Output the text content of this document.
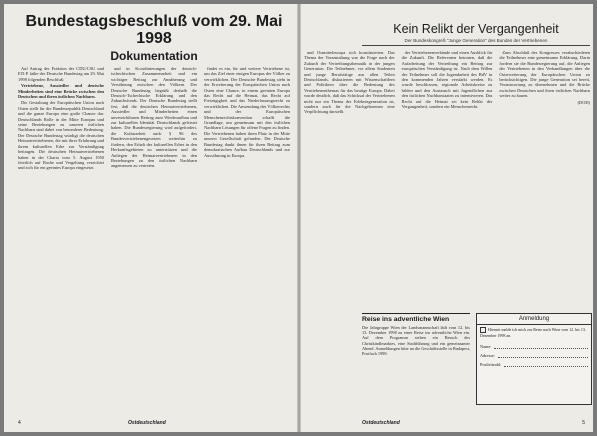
Bundestagsbeschluß vom 29. Mai 1998
Dokumentation

Auf Antrag der Fraktion der CDU/CSU und F.D.P. faßte der Deutsche Bundestag am 29. Mai 1998 folgenden Beschluß:

Vertriebene, Aussiedler und deutsche Minderheiten sind eine Brücke zwischen den Deutschen und ihren östlichen Nachbarn.

Die Gestaltung der Europäischen Union nach Osten stellt für die Bundesrepublik Deutschland und die ganze Europa eine große Chance dar. Deutschlands Rolle in der Mitte Europas und seine Beziehungen zu unseren östlichen Nachbarn sind dabei von besonderer Bedeutung. Der Deutsche Bundestag würdigt die deutschen Heimatvertriebenen, die mit ihrer Erfahrung und ihrem kulturellen Erbe zur Verständigung beitragen. Die deutschen Heimatvertriebenen haben in der Charta vom 5. August 1950 feierlich auf Rache und Vergeltung verzichtet und sich für ein geeintes Europa eingesetzt.

und in Koordinierungen der deutsch-tschechischen Zusammenarbeit und ein wichtiger Beitrag zur Annäherung und Versöhnung zwischen den Völkern. Der Deutsche Bundestag begrüßt deshalb die Deutsch-Tschechische Erklärung und den Zukunftsfonds. Der Deutsche Bundestag stellt fest, daß die deutschen Heimatvertriebenen, Aussiedler und Minderheiten einen unverzichtbaren Beitrag zum Wiederaufbau und zur kulturellen Identität Deutschlands geleistet haben. Die Bundesregierung wird aufgefordert, die Kulturarbeit nach § 96 des Bundesvertriebenengesetzes weiterhin zu fördern, den Erhalt des kulturellen Erbes in den Herkunftsgebieten zu unterstützen und die Anliegen der Heimatvertriebenen in den Beziehungen zu den östlichen Nachbarn angemessen zu vertreten.

findet es ein, für und weitere Vertriebene ist, um das Ziel einer einigen Europas der Völker zu verwirklichen. Der Deutsche Bundestag sieht in der Erweiterung der Europäischen Union nach Osten eine Chance, in einem geeinten Europa das Recht auf die Heimat, das Recht auf Freizügigkeit und das Niederlassungsrecht zu verwirklichen. Die Anwendung des Völkerrechts und der Europäischen Menschenrechtskonvention schafft die Grundlage, um gemeinsam mit den östlichen Nachbarn Lösungen für offene Fragen zu finden. Die Vertriebenen haben ihren Platz in der Mitte unserer Gesellschaft gefunden. Der Deutsche Bundestag dankt ihnen für ihren Beitrag zum demokratischen Aufbau Deutschlands und zur Aussöhnung in Europa.

4	Ostdeutschland
Kein Relikt der Vergangenheit
Der Bundeskongreß "Junge Generation" des Bundes der Vertriebenen

und Ostmitteleuropa sich konstituierten. Das Thema der Veranstaltung war die Frage nach der Zukunft der Vertreibungsthematik in der jungen Generation. Die Teilnehmer, vor allem Studenten und junge Berufstätige aus allen Teilen Deutschlands, diskutierten mit Wissenschaftlern und Politikern über die Bedeutung des Vertriebenenthemas für das heutige Europa. Dabei wurde deutlich, daß das Schicksal der Vertriebenen nicht nur ein Thema der Erlebnisgeneration ist, sondern auch für die Nachgeborenen eine Verpflichtung darstellt.

der Vertriebenenverbände und einen Ausblick für die Zukunft. Die Referenten betonten, daß die Aufarbeitung der Vertreibung ein Beitrag zur europäischen Verständigung ist. Nach dem Willen der Teilnehmer soll die Jugendarbeit des BdV in den kommenden Jahren verstärkt werden. Es wurde beschlossen, regionale Arbeitskreise zu bilden und den Austausch mit Jugendlichen aus den östlichen Nachbarstaaten zu intensivieren. Das Recht auf die Heimat sei kein Relikt der Vergangenheit, sondern ein Menschenrecht.

Zum Abschluß des Kongresses verabschiedeten die Teilnehmer eine gemeinsame Erklärung. Darin fordern sie die Bundesregierung auf, die Anliegen der Vertriebenen in den Verhandlungen über die Osterweiterung der Europäischen Union zu berücksichtigen. Die junge Generation sei bereit, Verantwortung zu übernehmen und die Brücke zwischen Deutschen und ihren östlichen Nachbarn weiter zu bauen.

(DOD)
Reise ins adventliche Wien
Die Jahrgruppe Wien der Landsmannschaft lädt vom 12. bis 13. Dezember 1998 zu einer Reise ins adventliche Wien ein. Auf dem Programm stehen ein Besuch des Christkindlmarktes, eine Stadtführung und ein gemeinsamer Abend. Anmeldungen bitte an die Geschäftsstelle in Budapest, Postfach 1998.
Anmeldung
Hiermit melde ich mich zur Reise nach Wien vom 12. bis 13. Dezember 1998 an.
Name:
Adresse:
Postleitzahl:
Ostdeutschland	5
